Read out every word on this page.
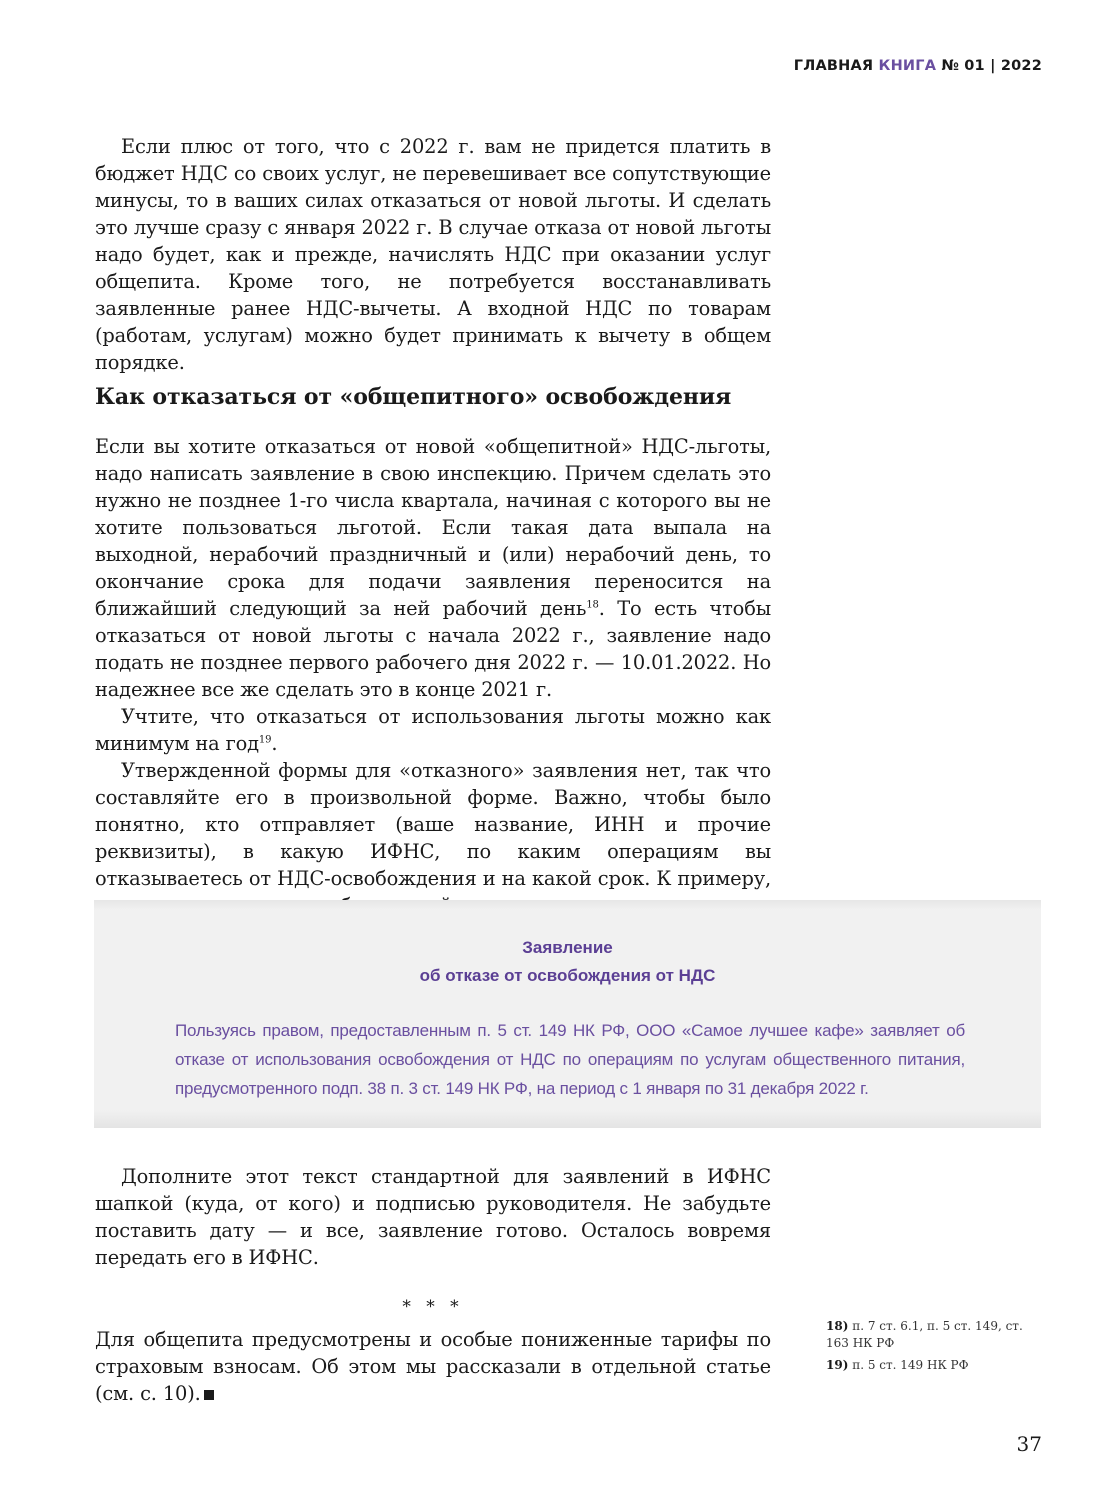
ГЛАВНАЯ КНИГА № 01 | 2022

Если плюс от того, что с 2022 г. вам не придется платить в бюджет НДС со своих услуг, не перевешивает все сопутствующие минусы, то в ваших силах отказаться от новой льготы. И сделать это лучше сразу с января 2022 г. В случае отказа от новой льготы надо будет, как и прежде, начислять НДС при оказании услуг общепита. Кроме того, не потребуется восстанавливать заявленные ранее НДС-вычеты. А входной НДС по товарам (работам, услугам) можно будет принимать к вычету в общем порядке.

Как отказаться от «общепитного» освобождения

Если вы хотите отказаться от новой «общепитной» НДС-льготы, надо написать заявление в свою инспекцию. Причем сделать это нужно не позднее 1-го числа квартала, начиная с которого вы не хотите пользоваться льготой. Если такая дата выпала на выходной, нерабочий праздничный и (или) нерабочий день, то окончание срока для подачи заявления переносится на ближайший следующий за ней рабочий день$^{18}$. То есть чтобы отказаться от новой льготы с начала 2022 г., заявление надо подать не позднее первого рабочего дня 2022 г. — 10.01.2022. Но надежнее все же сделать это в конце 2021 г.

Учтите, что отказаться от использования льготы можно как минимум на год$^{19}$.

Утвержденной формы для «отказного» заявления нет, так что составляйте его в произвольной форме. Важно, чтобы было понятно, кто отправляет (ваше название, ИНН и прочие реквизиты), в какую ИФНС, по каким операциям вы отказываетесь от НДС-освобождения и на какой срок. К примеру,

Заявление
об отказе от освобождения от НДС

Пользуясь правом, предоставленным п. 5 ст. 149 НК РФ, ООО «Самое лучшее кафе» заявляет об отказе от использования освобождения от НДС по операциям по услугам общественного питания, предусмотренного подп. 38 п. 3 ст. 149 НК РФ, на период с 1 января по 31 декабря 2022 г.

Дополните этот текст стандартной для заявлений в ИФНС шапкой (куда, от кого) и подписью руководителя. Не забудьте поставить дату — и все, заявление готово. Осталось вовремя передать его в ИФНС.

* * *

Для общепита предусмотрены и особые пониженные тарифы по страховым взносам. Об этом мы рассказали в отдельной статье (см. с. 10).

18) п. 7 ст. 6.1, п. 5 ст. 149, ст. 163 НК РФ

19) п. 5 ст. 149 НК РФ

37
